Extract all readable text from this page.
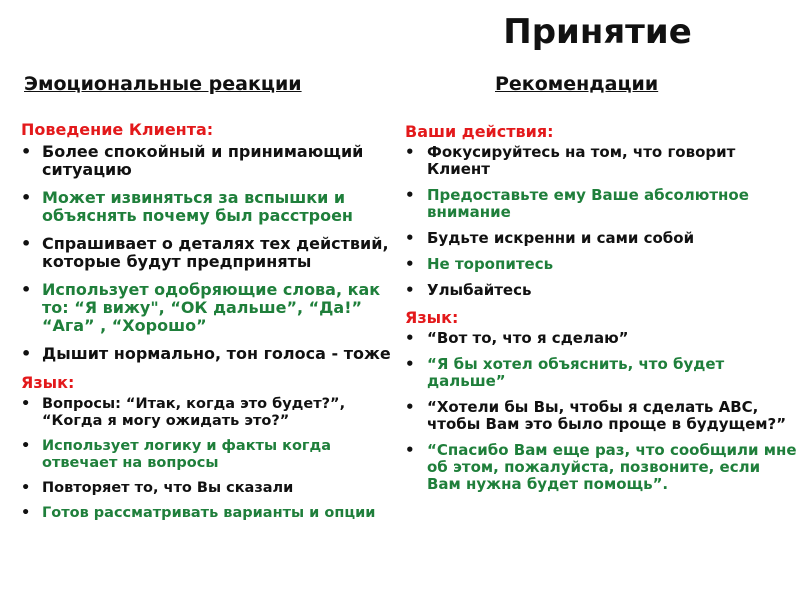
Принятие
Эмоциональные реакции	Рекомендации
Поведение Клиента:
• Более спокойный и принимающий ситуацию
• Может извиняться за вспышки и объяснять почему был расстроен
• Спрашивает о деталях тех действий, которые будут предприняты
• Использует одобряющие слова, как то: “Я вижу", “ОК дальше”, “Да!” “Ага” , “Хорошо”
• Дышит нормально, тон голоса - тоже
Язык:
• Вопросы: “Итак, когда это будет?”, “Когда я могу ожидать это?”
• Использует логику и факты когда отвечает на вопросы
• Повторяет то, что Вы сказали
• Готов рассматривать варианты и опции
Ваши действия:
• Фокусируйтесь на том, что говорит Клиент
• Предоставьте ему Ваше абсолютное внимание
• Будьте искренни и сами собой
• Не торопитесь
• Улыбайтесь
Язык:
• “Вот то, что я сделаю”
• “Я бы хотел объяснить, что будет дальше”
• “Хотели бы Вы, чтобы я сделать АВС, чтобы Вам это было проще в будущем?”
• “Спасибо Вам еще раз, что сообщили мне об этом, пожалуйста, позвоните, если Вам нужна будет помощь”.
